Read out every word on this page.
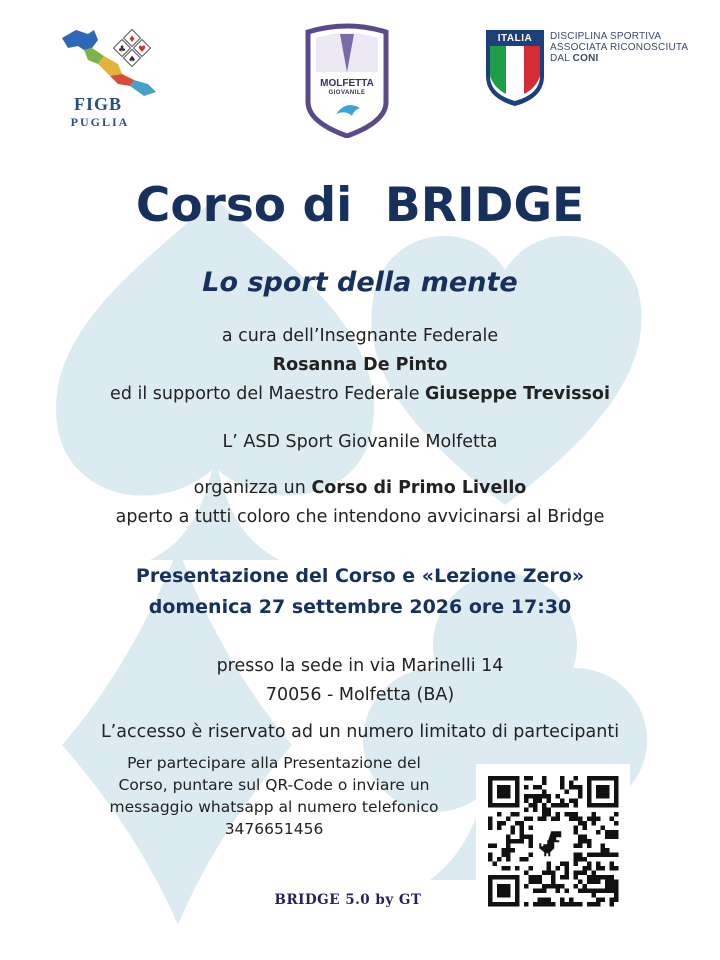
♦
♣ ♥
♠
FIGB
PUGLIA
MOLFETTA
GIOVANILE
ITALIA	DISCIPLINA SPORTIVA
ASSOCIATA RICONOSCIUTA
DAL CONI
Corso di  BRIDGE
Lo sport della mente
a cura dell’Insegnante Federale
Rosanna De Pinto
ed il supporto del Maestro Federale Giuseppe Trevissoi
L’ ASD Sport Giovanile Molfetta
organizza un Corso di Primo Livello
aperto a tutti coloro che intendono avvicinarsi al Bridge
Presentazione del Corso e «Lezione Zero»
domenica 27 settembre 2026 ore 17:30
presso la sede in via Marinelli 14
70056 - Molfetta (BA)
L’accesso è riservato ad un numero limitato di partecipanti
Per partecipare alla Presentazione del
Corso, puntare sul QR-Code o inviare un
messaggio whatsapp al numero telefonico
3476651456
BRIDGE 5.0 by GT
